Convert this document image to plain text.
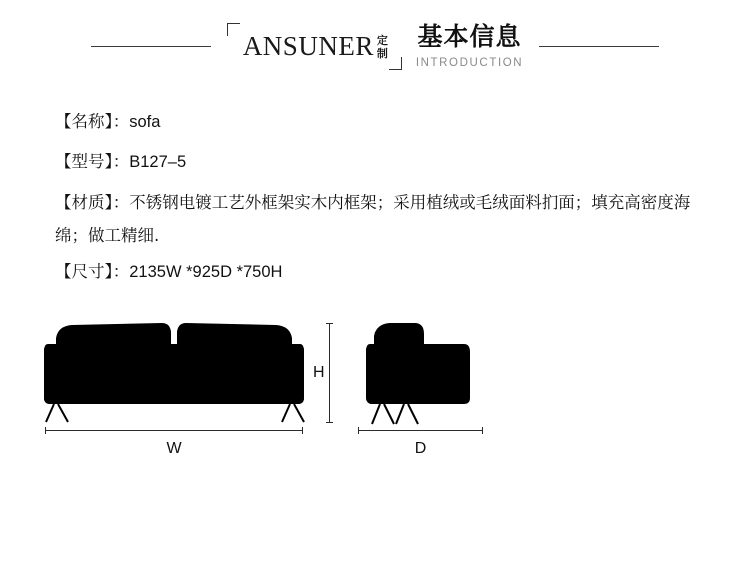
ANSUNER 定
制
基本信息
INTRODUCTION
【名称】：sofa
【型号】：B127–5
【材质】：不锈钢电镀工艺外框架实木内框架；采用植绒或毛绒面料扪面；填充高密度海绵；做工精细.
【尺寸】：2135W *925D *750H
H
W	D
